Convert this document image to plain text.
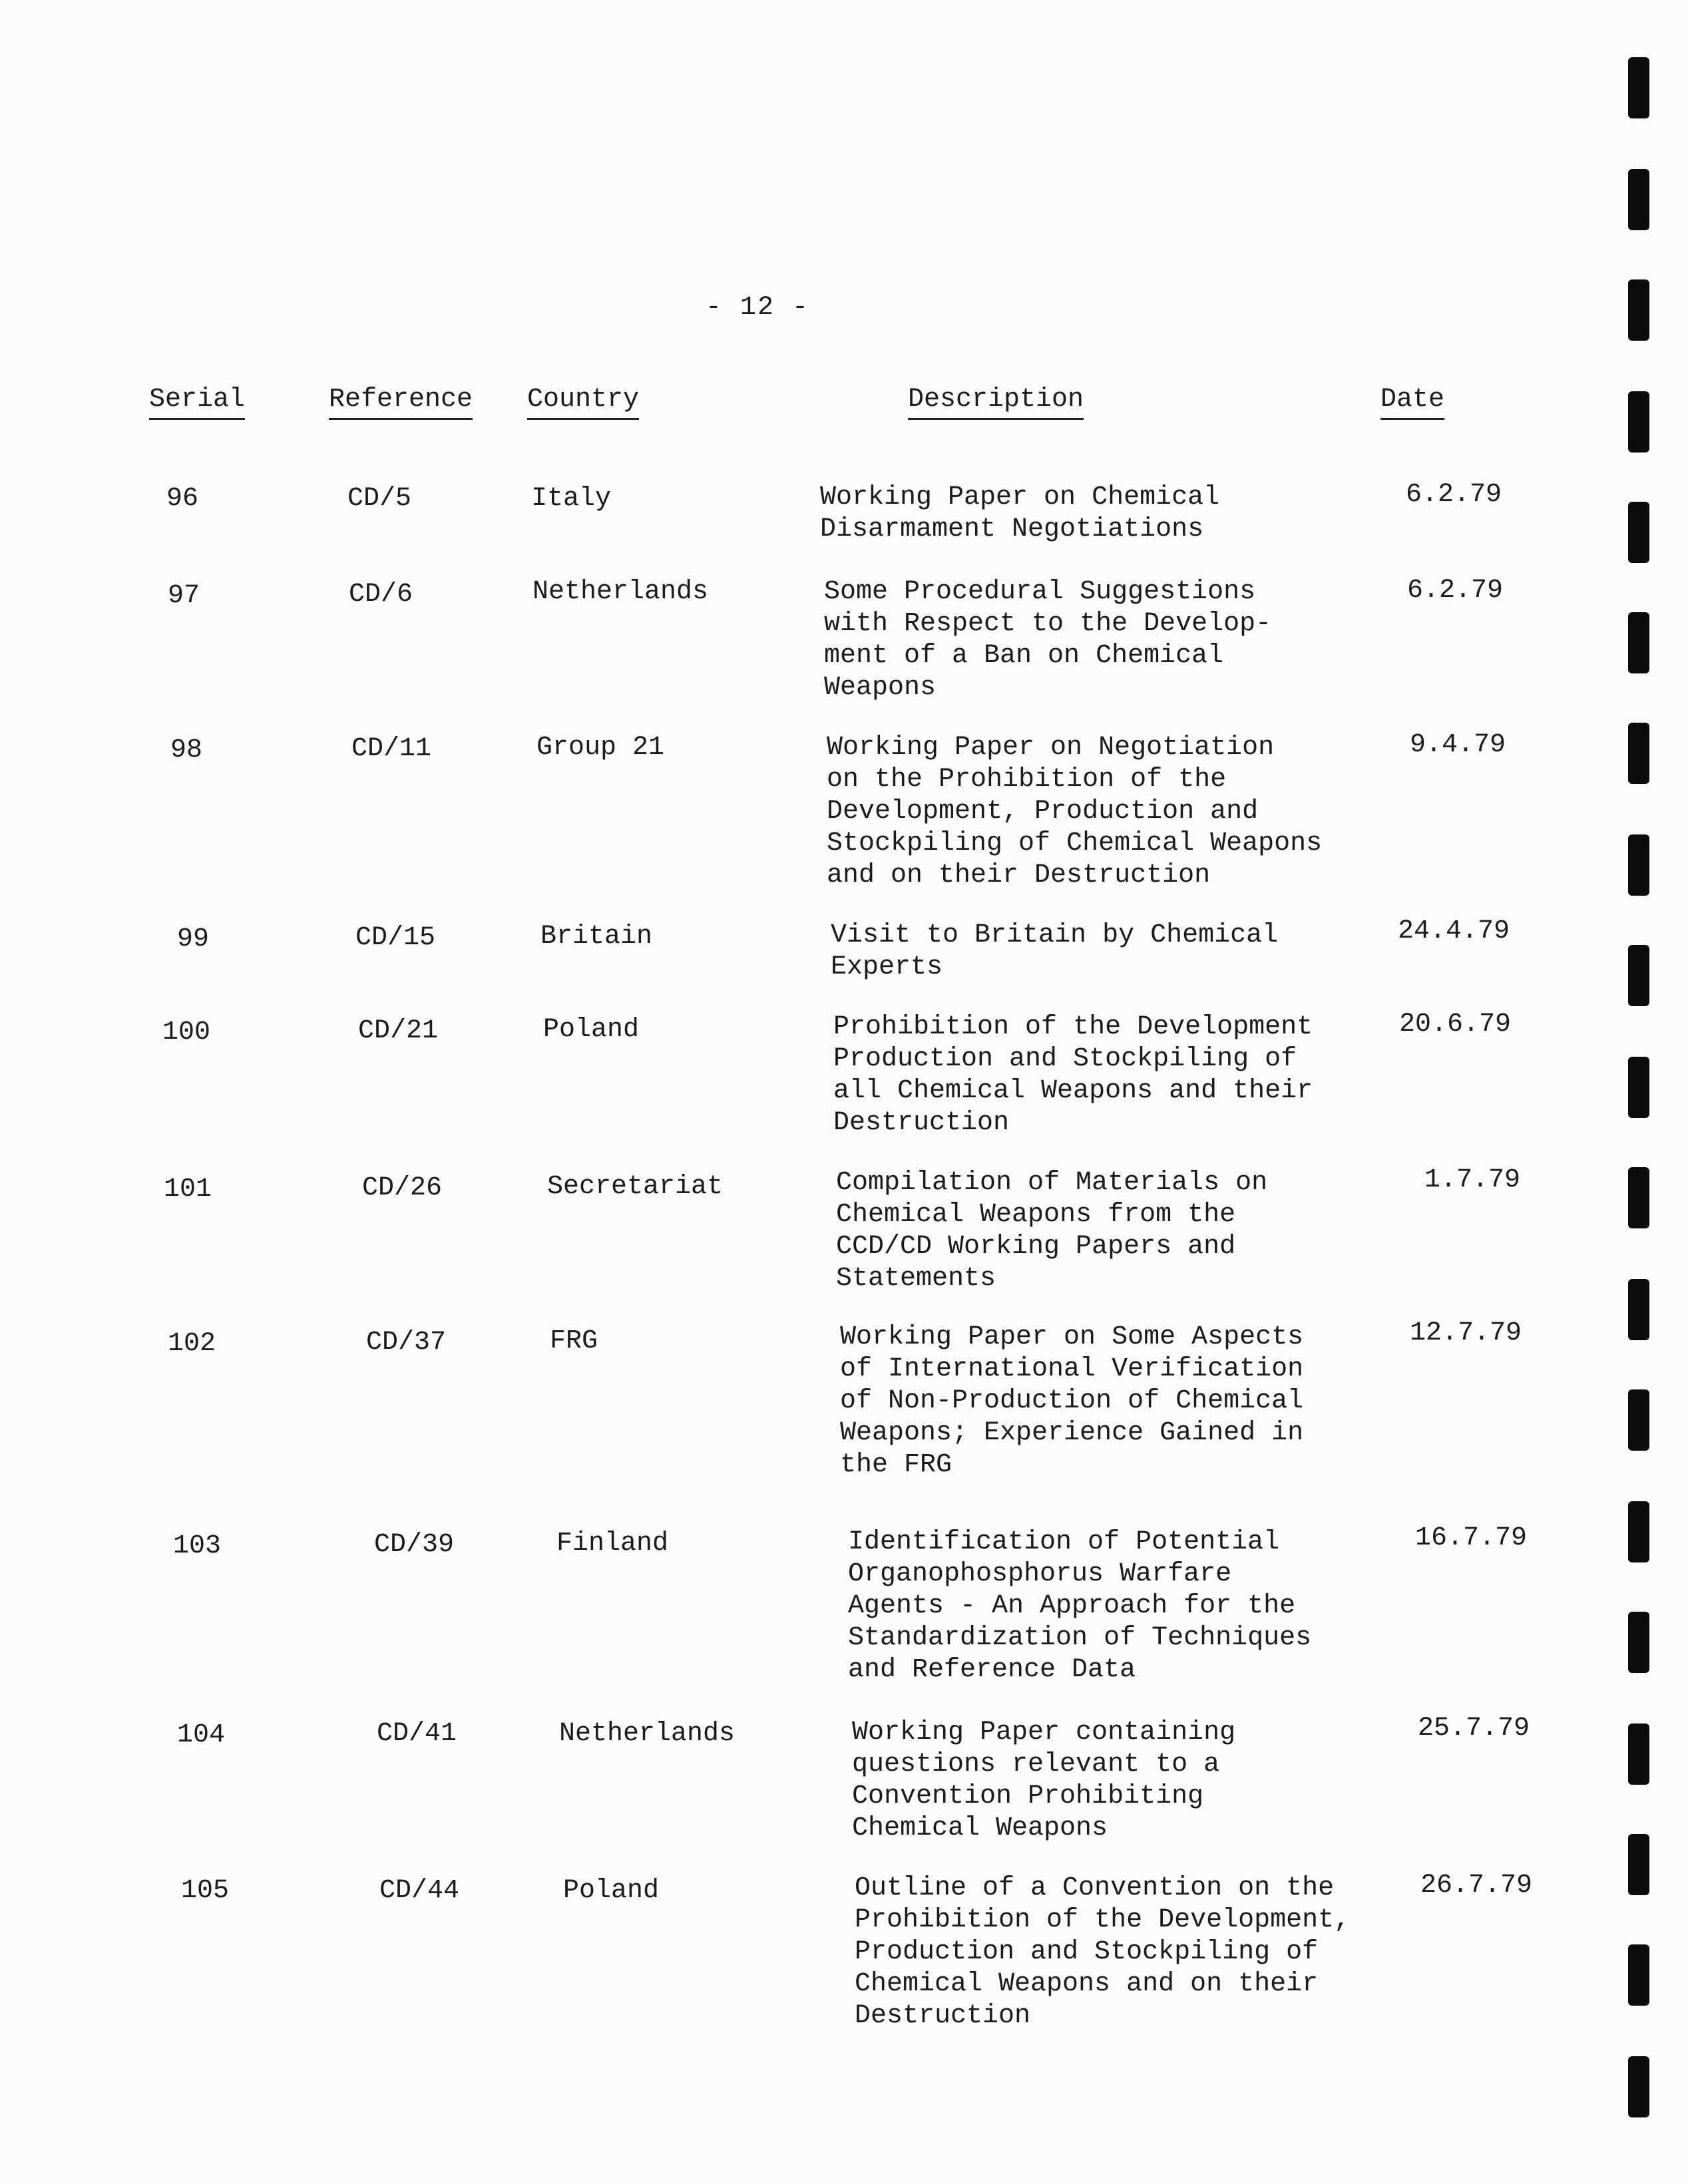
- 12 -
Serial	Reference Country	Description	Date
96	CD/5	Italy	Working Paper on Chemical
Disarmament Negotiations
6.2.79
97	CD/6	Netherlands	Some Procedural Suggestions
with Respect to the Develop-
ment of a Ban on Chemical
Weapons
6.2.79
98	CD/11	Group 21	Working Paper on Negotiation
on the Prohibition of the
Development, Production and
Stockpiling of Chemical Weapons
and on their Destruction
9.4.79
99	CD/15	Britain	Visit to Britain by Chemical
Experts
24.4.79
100	CD/21	Poland	Prohibition of the Development
Production and Stockpiling of
all Chemical Weapons and their
Destruction
20.6.79
101	CD/26	Secretariat	Compilation of Materials on
Chemical Weapons from the
CCD/CD Working Papers and
Statements
1.7.79
102	CD/37	FRG	Working Paper on Some Aspects
of International Verification
of Non-Production of Chemical
Weapons; Experience Gained in
the FRG
12.7.79
103	CD/39	Finland	Identification of Potential
Organophosphorus Warfare
Agents - An Approach for the
Standardization of Techniques
and Reference Data
16.7.79
104	CD/41	Netherlands	Working Paper containing
questions relevant to a
Convention Prohibiting
Chemical Weapons
25.7.79
105	CD/44	Poland	Outline of a Convention on the
Prohibition of the Development,
Production and Stockpiling of
Chemical Weapons and on their
Destruction
26.7.79
